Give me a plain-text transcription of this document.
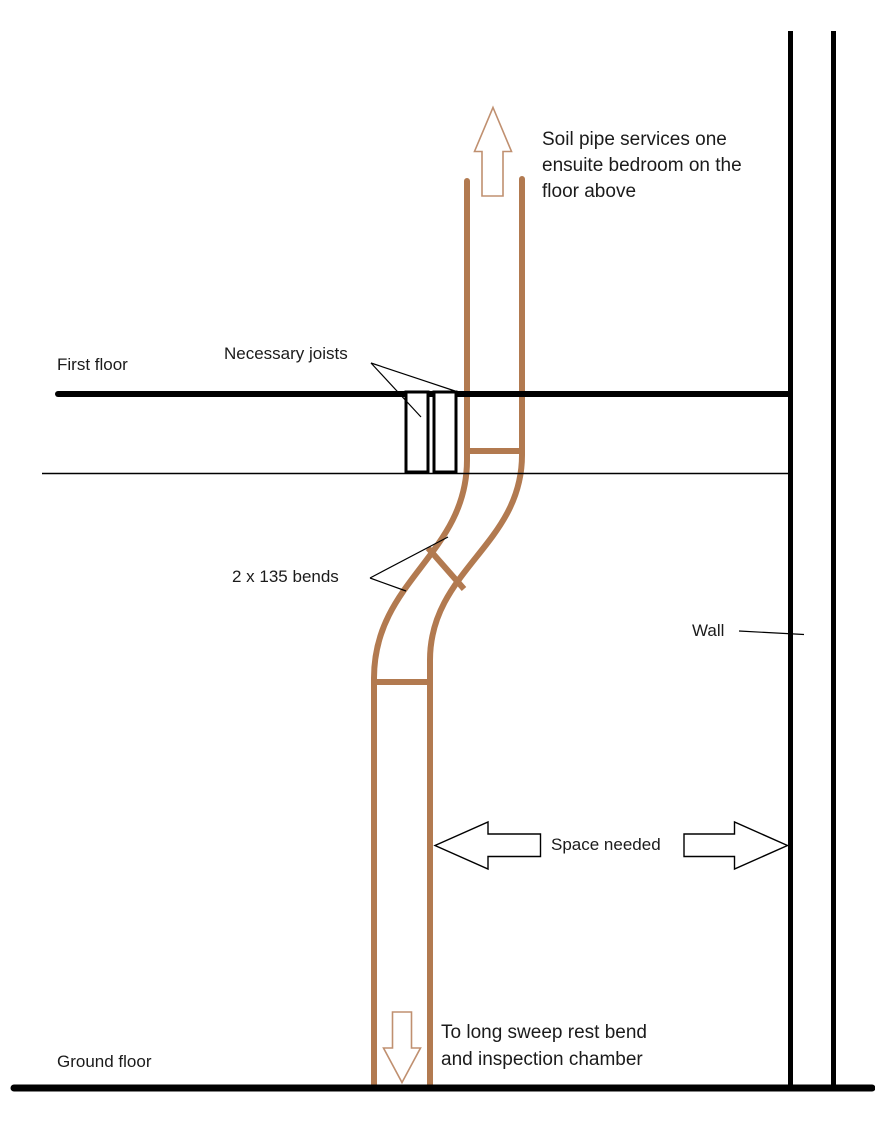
Soil pipe services one ensuite bedroom on the floor above
First floor
Necessary joists
2 x 135 bends
Wall
Space needed
To long sweep rest bend and inspection chamber
Ground floor
